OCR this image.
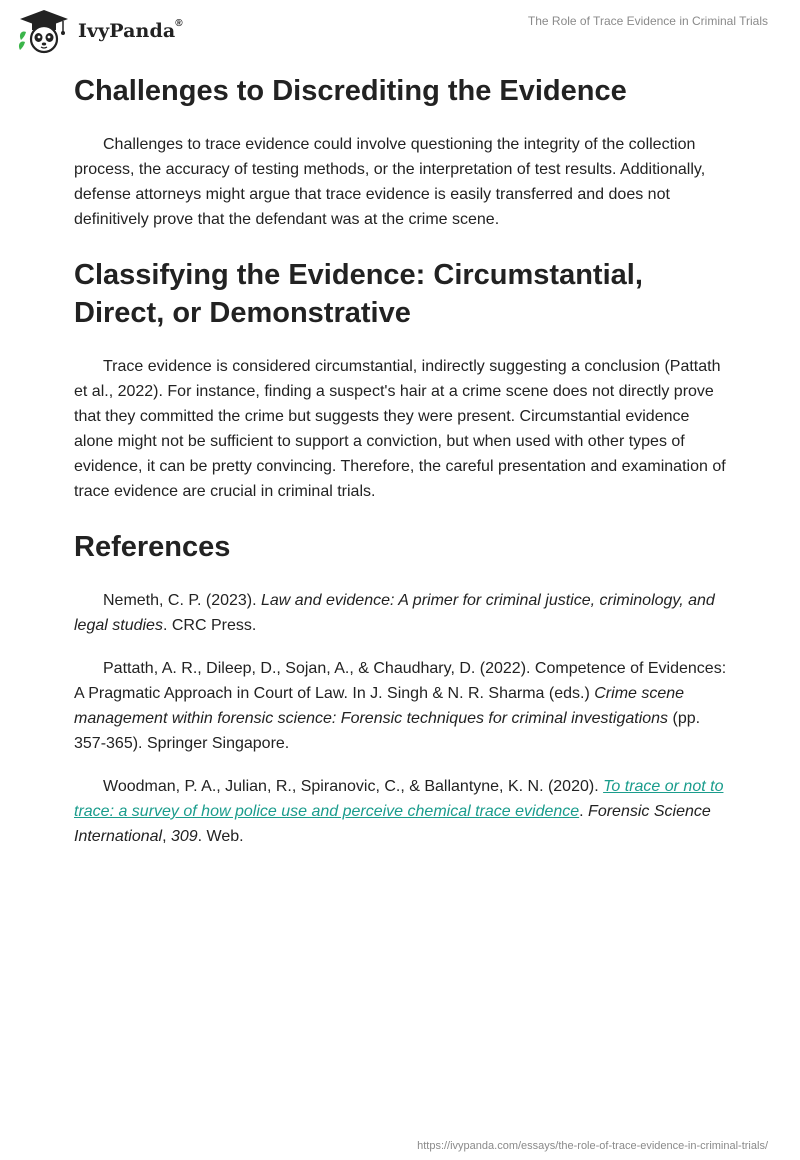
IvyPanda®	The Role of Trace Evidence in Criminal Trials
Challenges to Discrediting the Evidence

Challenges to trace evidence could involve questioning the integrity of the collection process, the accuracy of testing methods, or the interpretation of test results. Additionally, defense attorneys might argue that trace evidence is easily transferred and does not definitively prove that the defendant was at the crime scene.

Classifying the Evidence: Circumstantial, Direct, or Demonstrative

Trace evidence is considered circumstantial, indirectly suggesting a conclusion (Pattath et al., 2022). For instance, finding a suspect's hair at a crime scene does not directly prove that they committed the crime but suggests they were present. Circumstantial evidence alone might not be sufficient to support a conviction, but when used with other types of evidence, it can be pretty convincing. Therefore, the careful presentation and examination of trace evidence are crucial in criminal trials.

References

Nemeth, C. P. (2023). Law and evidence: A primer for criminal justice, criminology, and legal studies. CRC Press.

Pattath, A. R., Dileep, D., Sojan, A., & Chaudhary, D. (2022). Competence of Evidences: A Pragmatic Approach in Court of Law. In J. Singh & N. R. Sharma (eds.) Crime scene management within forensic science: Forensic techniques for criminal investigations (pp. 357-365). Springer Singapore.

Woodman, P. A., Julian, R., Spiranovic, C., & Ballantyne, K. N. (2020). To trace or not to trace: a survey of how police use and perceive chemical trace evidence. Forensic Science International, 309. Web.

https://ivypanda.com/essays/the-role-of-trace-evidence-in-criminal-trials/
